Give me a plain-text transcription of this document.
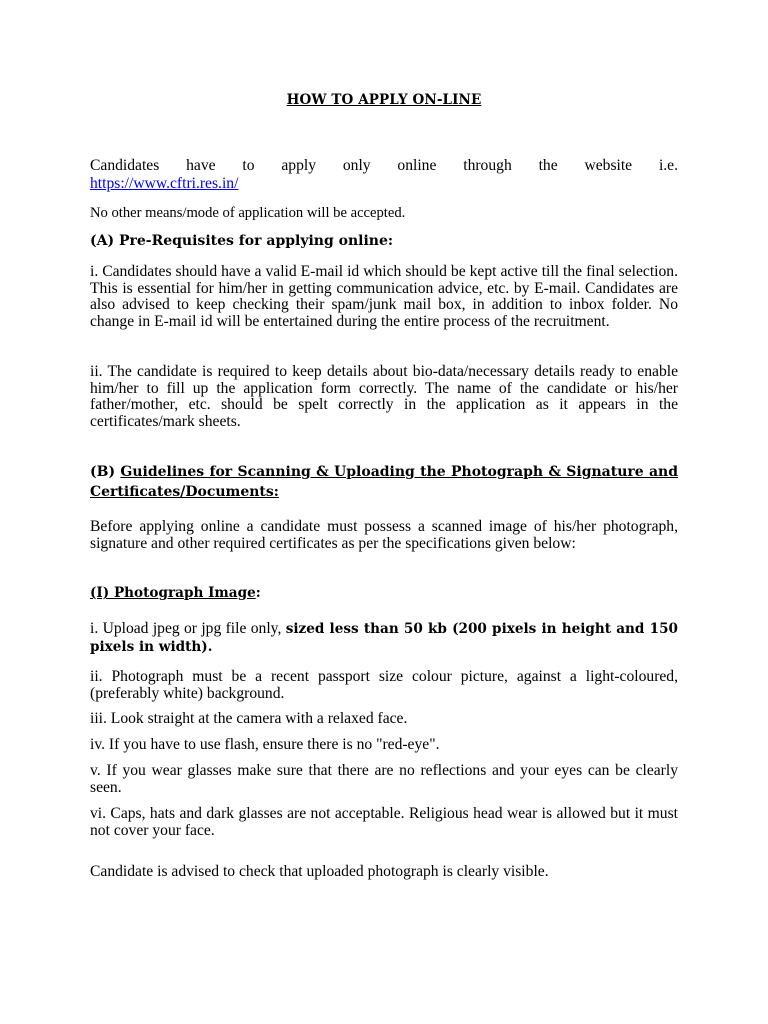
HOW TO APPLY ON-LINE

Candidates have to apply only online through the website i.e.

https://www.cftri.res.in/

No other means/mode of application will be accepted.

(A) Pre-Requisites for applying online:

i. Candidates should have a valid E-mail id which should be kept active till the final selection. This is essential for him/her in getting communication advice, etc. by E-mail. Candidates are also advised to keep checking their spam/junk mail box, in addition to inbox folder. No change in E-mail id will be entertained during the entire process of the recruitment.

ii. The candidate is required to keep details about bio-data/necessary details ready to enable him/her to fill up the application form correctly. The name of the candidate or his/her father/mother, etc. should be spelt correctly in the application as it appears in the certificates/mark sheets.

(B) Guidelines for Scanning & Uploading the Photograph & Signature and Certificates/Documents:

Before applying online a candidate must possess a scanned image of his/her photograph, signature and other required certificates as per the specifications given below:

(I) Photograph Image:

i. Upload jpeg or jpg file only, sized less than 50 kb (200 pixels in height and 150 pixels in width).

ii. Photograph must be a recent passport size colour picture, against a light-coloured, (preferably white) background.

iii. Look straight at the camera with a relaxed face.

iv. If you have to use flash, ensure there is no "red-eye".

v. If you wear glasses make sure that there are no reflections and your eyes can be clearly seen.

vi. Caps, hats and dark glasses are not acceptable. Religious head wear is allowed but it must not cover your face.

Candidate is advised to check that uploaded photograph is clearly visible.
